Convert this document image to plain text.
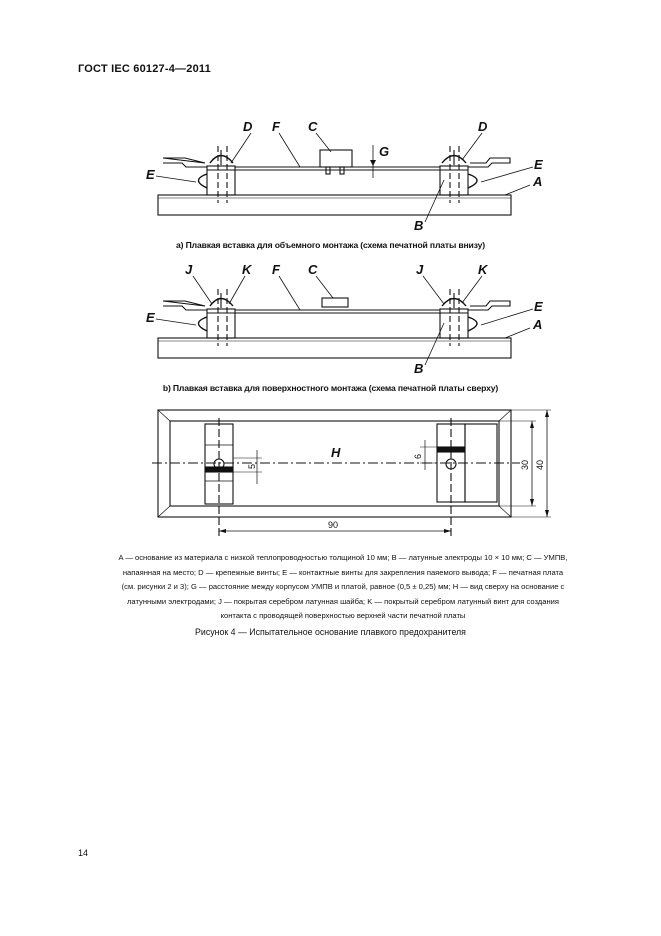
ГОСТ IEC 60127-4—2011
D F C
G
D
E
E
A
B
a) Плавкая вставка для объемного монтажа (схема печатной платы внизу)
J	K F C	J	K
E
E
A
B
b) Плавкая вставка для поверхностного монтажа (схема печатной платы сверху)
H
90
30 40
5
6

A — основание из материала с низкой теплопроводностью толщиной 10 мм; B — латунные электроды 10 × 10 мм; C — УМПВ,

напаянная на место; D — крепежные винты; E — контактные винты для закрепления паяемого вывода; F — печатная плата

(см. рисунки 2 и 3); G — расстояние между корпусом УМПВ и платой, равное (0,5 ± 0,25) мм; H — вид сверху на основание с

латунными электродами; J — покрытая серебром латунная шайба; K — покрытый серебром латунный винт для создания

контакта с проводящей поверхностью верхней части печатной платы

Рисунок 4 — Испытательное основание плавкого предохранителя
14
